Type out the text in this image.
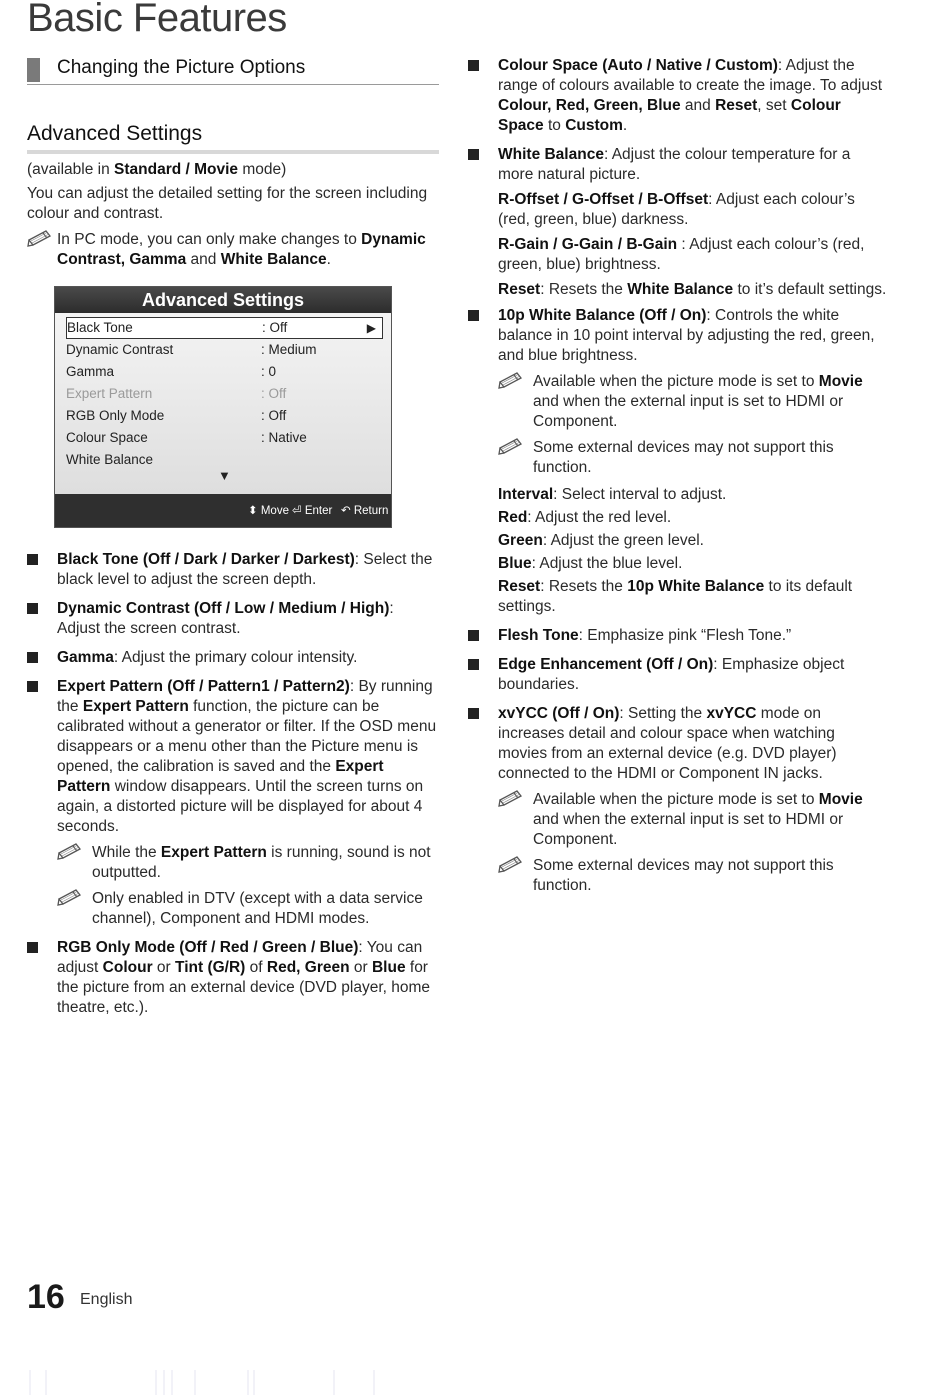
Basic Features
Changing the Picture Options
Advanced Settings

(available in Standard / Movie mode)

You can adjust the detailed setting for the screen including colour and contrast.

In PC mode, you can only make changes to Dynamic Contrast, Gamma and White Balance.
Advanced Settings
Black Tone	: Off	▶
Dynamic Contrast	: Medium
Gamma	: 0
Expert Pattern	: Off
RGB Only Mode	: Off
Colour Space	: Native
White Balance
▼
⬍ Move ⏎ Enter ↶ Return
Black Tone (Off / Dark / Darker / Darkest): Select the black level to adjust the screen depth.
Dynamic Contrast (Off / Low / Medium / High): Adjust the screen contrast.
Gamma: Adjust the primary colour intensity.
Expert Pattern (Off / Pattern1 / Pattern2): By running the Expert Pattern function, the picture can be calibrated without a generator or filter. If the OSD menu disappears or a menu other than the Picture menu is opened, the calibration is saved and the Expert Pattern window disappears. Until the screen turns on again, a distorted picture will be displayed for about 4 seconds.
While the Expert Pattern is running, sound is not outputted.
Only enabled in DTV (except with a data service channel), Component and HDMI modes.
RGB Only Mode (Off / Red / Green / Blue): You can adjust Colour or Tint (G/R) of Red, Green or Blue for the picture from an external device (DVD player, home theatre, etc.).
Colour Space (Auto / Native / Custom): Adjust the range of colours available to create the image. To adjust Colour, Red, Green, Blue and Reset, set Colour Space to Custom.
White Balance: Adjust the colour temperature for a more natural picture.
R-Offset / G-Offset / B-Offset: Adjust each colour’s (red, green, blue) darkness.
R-Gain / G-Gain / B-Gain : Adjust each colour’s (red, green, blue) brightness.
Reset: Resets the White Balance to it’s default settings.
10p White Balance (Off / On): Controls the white balance in 10 point interval by adjusting the red, green, and blue brightness.
Available when the picture mode is set to Movie and when the external input is set to HDMI or Component.
Some external devices may not support this function.
Interval: Select interval to adjust.
Red: Adjust the red level.
Green: Adjust the green level.
Blue: Adjust the blue level.
Reset: Resets the 10p White Balance to its default settings.
Flesh Tone: Emphasize pink “Flesh Tone.”
Edge Enhancement (Off / On): Emphasize object boundaries.
xvYCC (Off / On): Setting the xvYCC mode on increases detail and colour space when watching movies from an external device (e.g. DVD player) connected to the HDMI or Component IN jacks.
Available when the picture mode is set to Movie and when the external input is set to HDMI or Component.
Some external devices may not support this function.
16 English
